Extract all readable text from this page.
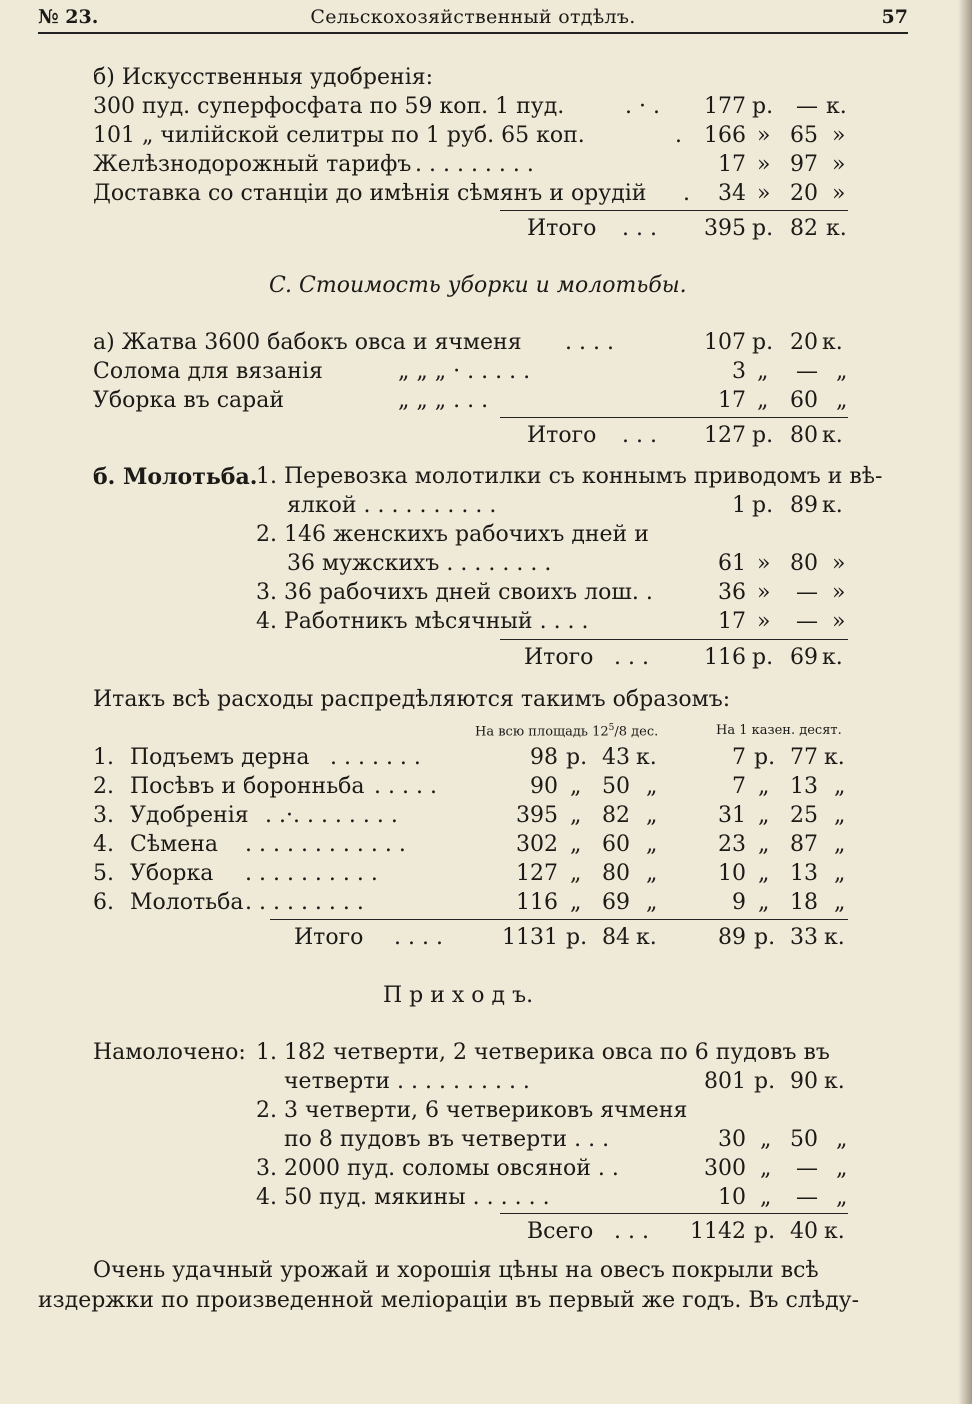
№ 23.	Сельскохозяйственный отдѣлъ.	57
б) Искусственныя удобренія:
300 пуд. суперфосфата по 59 коп. 1 пуд.	. · .	177 р.	— к.
101 „ чилійской селитры по 1 руб. 65 коп.	.	166 » 65 »
Желѣзнодорожный тарифъ . . . . . . . . .	17 » 97 »
Доставка со станціи до имѣнія сѣмянъ и орудій .	34 » 20 »
Итого . . .	395 р. 82 к.
C. Стоимость уборки и молотьбы.
а) Жатва 3600 бабокъ овса и ячменя . . . .	107 р. 20 к.
Солома для вязанія	„ „ „ · . . . . .	3 „	— „
Уборка въ сарай	„ „ „ . . .	17 „ 60 „
Итого . . .	127 р. 80 к.
б. Молотьба.
1. Перевозка молотилки съ коннымъ приводомъ и вѣ-
ялкой . . . . . . . . . .	1 р. 89 к.
2. 146 женскихъ рабочихъ дней и
36 мужскихъ . . . . . . . .	61 » 80 »
3. 36 рабочихъ дней своихъ лош. .	36 »	— »
4. Работникъ мѣсячный . . . .	17 »	— »
Итого . . .	116 р. 69 к.
Итакъ всѣ расходы распредѣляются такимъ образомъ:
На всю площадь $12^5/8$ дес.	На 1 казен. десят.
1. Подъемъ дерна . . . . . . .	98 р. 43 к.	7 р. 77 к.
2. Посѣвъ и боронньба . . . . .	90 „ 50 „	7 „ 13 „
3. Удобренія . .·. . . . . . . .	395 „ 82 „	31 „ 25 „
4. Сѣмена . . . . . . . . . . . .	302 „ 60 „	23 „ 87 „
5. Уборка . . . . . . . . . .	127 „ 80 „	10 „ 13 „
6. Молотьба . . . . . . . . .	116 „ 69 „	9 „ 18 „
Итого . . . .	1131 р. 84 к.	89 р. 33 к.
П р и х о д ъ.
Намолочено: 1. 182 четверти, 2 четверика овса по 6 пудовъ въ
четверти . . . . . . . . . .	801 р. 90 к.
2. 3 четверти, 6 четвериковъ ячменя
по 8 пудовъ въ четверти . . .	30 „ 50 „
3. 2000 пуд. соломы овсяной . .	300 „	— „
4. 50 пуд. мякины . . . . . .	10 „	— „
Всего . . .	1142 р. 40 к.
Очень удачный урожай и хорошія цѣны на овесъ покрыли всѣ
издержки по произведенной меліораціи въ первый же годъ. Въ слѣду-
